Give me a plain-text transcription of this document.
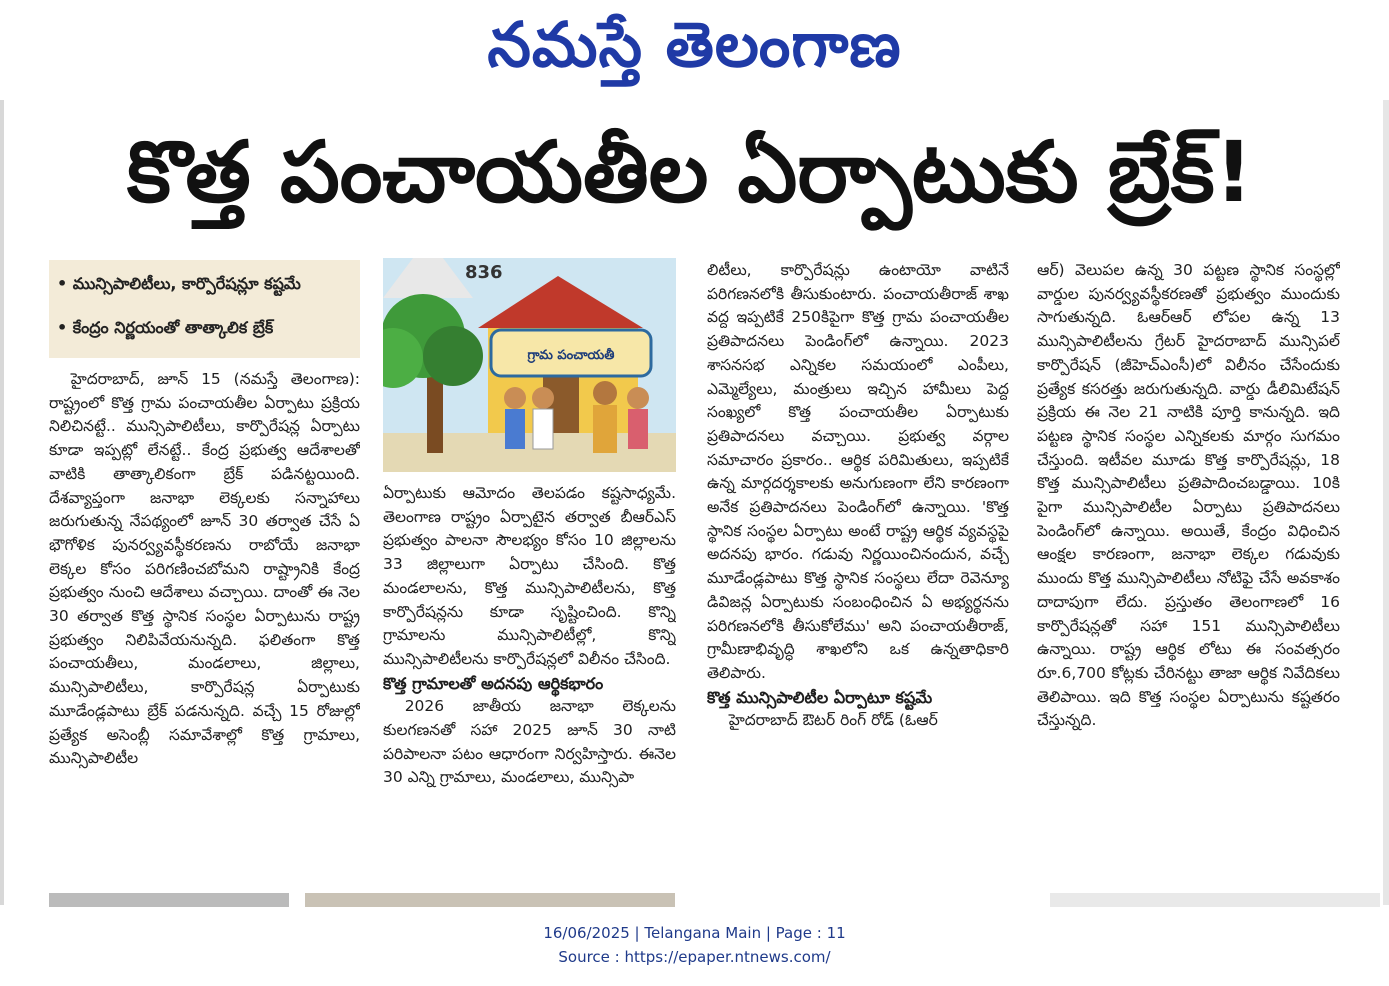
నమస్తే తెలంగాణ
కొత్త పంచాయతీల ఏర్పాటుకు బ్రేక్!
• మున్సిపాలిటీలు, కార్పొరేషన్లూ కష్టమే
• కేంద్రం నిర్ణయంతో తాత్కాలిక బ్రేక్

హైదరాబాద్, జూన్ 15 (నమస్తే తెలంగాణ): రాష్ట్రంలో కొత్త గ్రామ పంచాయతీల ఏర్పాటు ప్రక్రియ నిలిచినట్టే.. మున్సిపాలిటీలు, కార్పొరేషన్ల ఏర్పాటు కూడా ఇప్పట్లో లేనట్టే.. కేంద్ర ప్రభుత్వ ఆదేశాలతో వాటికి తాత్కాలికంగా బ్రేక్ పడినట్టయింది. దేశవ్యాప్తంగా జనాభా లెక్కలకు సన్నాహాలు జరుగుతున్న నేపథ్యంలో జూన్ 30 తర్వాత చేసే ఏ భౌగోళిక పునర్వ్యవస్థీకరణను రాబోయే జనాభా లెక్కల కోసం పరిగణించబోమని రాష్ట్రానికి కేంద్ర ప్రభుత్వం నుంచి ఆదేశాలు వచ్చాయి. దాంతో ఈ నెల 30 తర్వాత కొత్త స్థానిక సంస్థల ఏర్పాటును రాష్ట్ర ప్రభుత్వం నిలిపివేయనున్నది. ఫలితంగా కొత్త పంచాయతీలు, మండలాలు, జిల్లాలు, మున్సిపాలిటీలు, కార్పొరేషన్ల ఏర్పాటుకు మూడేండ్లపాటు బ్రేక్ పడనున్నది. వచ్చే 15 రోజుల్లో ప్రత్యేక అసెంబ్లీ సమావేశాల్లో కొత్త గ్రామాలు, మున్సిపాలిటీల

గ్రామ పంచాయతీ
836

ఏర్పాటుకు ఆమోదం తెలపడం కష్టసాధ్యమే. తెలంగాణ రాష్ట్రం ఏర్పాటైన తర్వాత బీఆర్ఎస్ ప్రభుత్వం పాలనా సౌలభ్యం కోసం 10 జిల్లాలను 33 జిల్లాలుగా ఏర్పాటు చేసింది. కొత్త మండలాలను, కొత్త మున్సిపాలిటీలను, కొత్త కార్పొరేషన్లను కూడా సృష్టించింది. కొన్ని గ్రామాలను మున్సిపాలిటీల్లో, కొన్ని మున్సిపాలిటీలను కార్పొరేషన్లలో విలీనం చేసింది.

కొత్త గ్రామాలతో అదనపు ఆర్థికభారం

2026 జాతీయ జనాభా లెక్కలను కులగణనతో సహా 2025 జూన్ 30 నాటి పరిపాలనా పటం ఆధారంగా నిర్వహిస్తారు. ఈనెల 30 ఎన్ని గ్రామాలు, మండలాలు, మున్సిపా

లిటీలు, కార్పొరేషన్లు ఉంటాయో వాటినే పరిగణనలోకి తీసుకుంటారు. పంచాయతీరాజ్ శాఖ వద్ద ఇప్పటికే 250కిపైగా కొత్త గ్రామ పంచాయతీల ప్రతిపాదనలు పెండింగ్‌లో ఉన్నాయి. 2023 శాసనసభ ఎన్నికల సమయంలో ఎంపీలు, ఎమ్మెల్యేలు, మంత్రులు ఇచ్చిన హామీలు పెద్ద సంఖ్యలో కొత్త పంచాయతీల ఏర్పాటుకు ప్రతిపాదనలు వచ్చాయి. ప్రభుత్వ వర్గాల సమాచారం ప్రకారం.. ఆర్థిక పరిమితులు, ఇప్పటికే ఉన్న మార్గదర్శకాలకు అనుగుణంగా లేని కారణంగా అనేక ప్రతిపాదనలు పెండింగ్‌లో ఉన్నాయి. 'కొత్త స్థానిక సంస్థల ఏర్పాటు అంటే రాష్ట్ర ఆర్థిక వ్యవస్థపై అదనపు భారం. గడువు నిర్ణయించినందున, వచ్చే మూడేండ్లపాటు కొత్త స్థానిక సంస్థలు లేదా రెవెన్యూ డివిజన్ల ఏర్పాటుకు సంబంధించిన ఏ అభ్యర్థనను పరిగణనలోకి తీసుకోలేము' అని పంచాయతీరాజ్, గ్రామీణాభివృద్ధి శాఖలోని ఒక ఉన్నతాధికారి తెలిపారు.

కొత్త మున్సిపాలిటీల ఏర్పాటూ కష్టమే

హైదరాబాద్ ఔటర్ రింగ్ రోడ్ (ఓఆర్

ఆర్) వెలుపల ఉన్న 30 పట్టణ స్థానిక సంస్థల్లో వార్డుల పునర్వ్యవస్థీకరణతో ప్రభుత్వం ముందుకు సాగుతున్నది. ఓఆర్ఆర్ లోపల ఉన్న 13 మున్సిపాలిటీలను గ్రేటర్ హైదరాబాద్ మున్సిపల్ కార్పొరేషన్ (జీహెచ్ఎంసీ)లో విలీనం చేసేందుకు ప్రత్యేక కసరత్తు జరుగుతున్నది. వార్డు డీలిమిటేషన్ ప్రక్రియ ఈ నెల 21 నాటికి పూర్తి కానున్నది. ఇది పట్టణ స్థానిక సంస్థల ఎన్నికలకు మార్గం సుగమం చేస్తుంది. ఇటీవల మూడు కొత్త కార్పొరేషన్లు, 18 కొత్త మున్సిపాలిటీలు ప్రతిపాదించబడ్డాయి. 10కి పైగా మున్సిపాలిటీల ఏర్పాటు ప్రతిపాదనలు పెండింగ్‌లో ఉన్నాయి. అయితే, కేంద్రం విధించిన ఆంక్షల కారణంగా, జనాభా లెక్కల గడువుకు ముందు కొత్త మున్సిపాలిటీలు నోటిఫై చేసే అవకాశం దాదాపుగా లేదు. ప్రస్తుతం తెలంగాణలో 16 కార్పొరేషన్లతో సహా 151 మున్సిపాలిటీలు ఉన్నాయి. రాష్ట్ర ఆర్థిక లోటు ఈ సంవత్సరం రూ.6,700 కోట్లకు చేరినట్టు తాజా ఆర్థిక నివేదికలు తెలిపాయి. ఇది కొత్త సంస్థల ఏర్పాటును కష్టతరం చేస్తున్నది.

16/06/2025 | Telangana Main | Page : 11
Source : https://epaper.ntnews.com/
